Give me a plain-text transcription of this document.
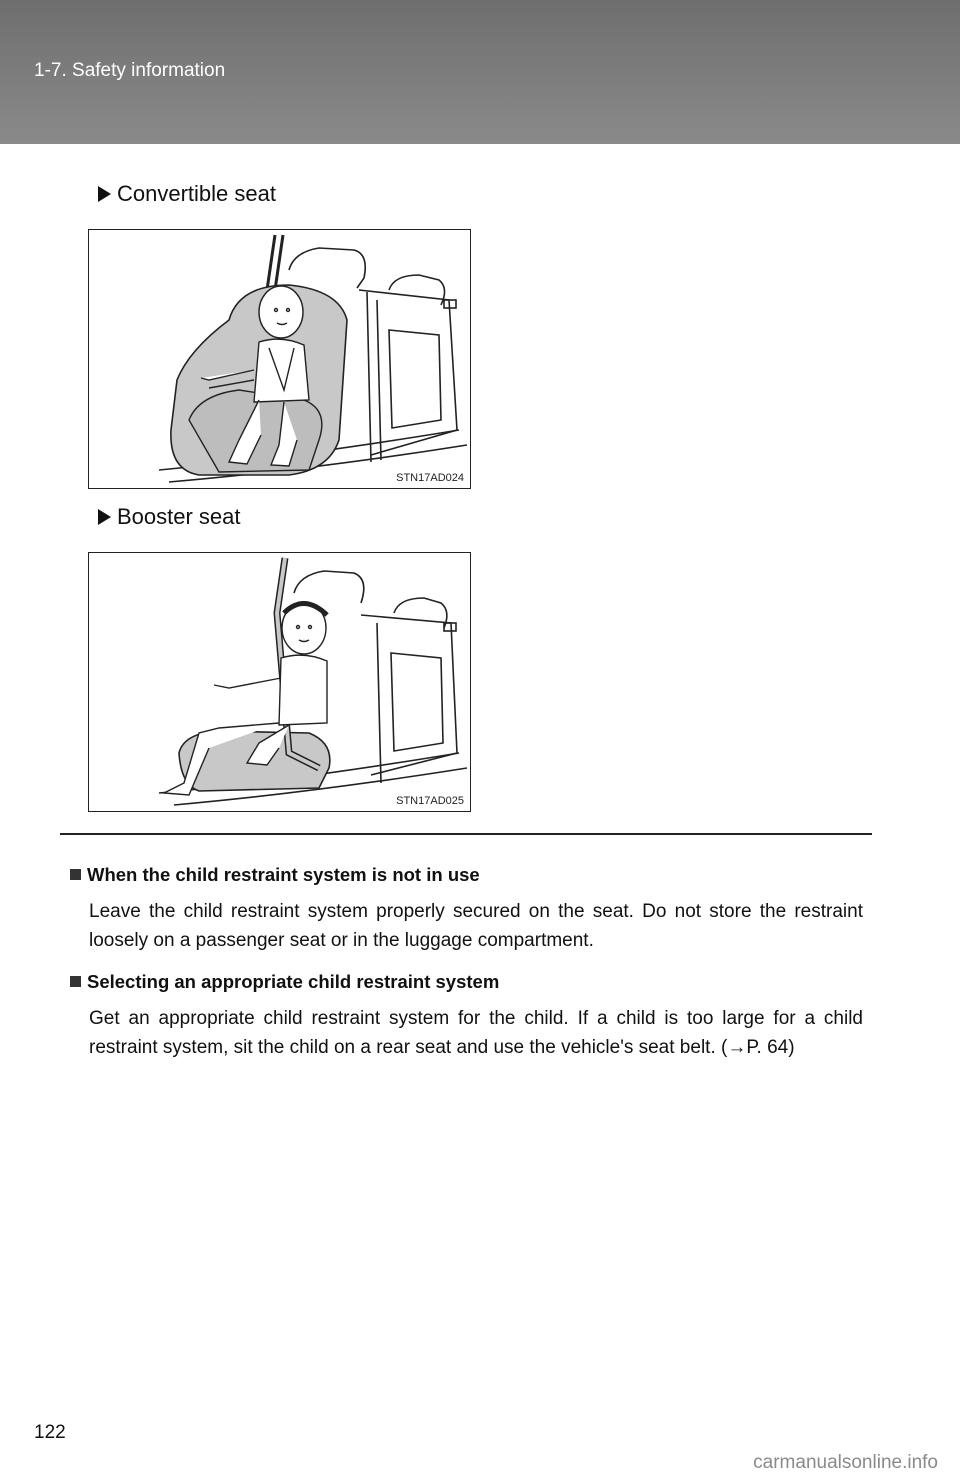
1-7. Safety information
Convertible seat
STN17AD024
Booster seat
STN17AD025
When the child restraint system is not in use
Leave the child restraint system properly secured on the seat. Do not store the restraint loosely on a passenger seat or in the luggage compartment.
Selecting an appropriate child restraint system
Get an appropriate child restraint system for the child. If a child is too large for a child restraint system, sit the child on a rear seat and use the vehicle's seat belt. (→P. 64)
122
carmanualsonline.info
